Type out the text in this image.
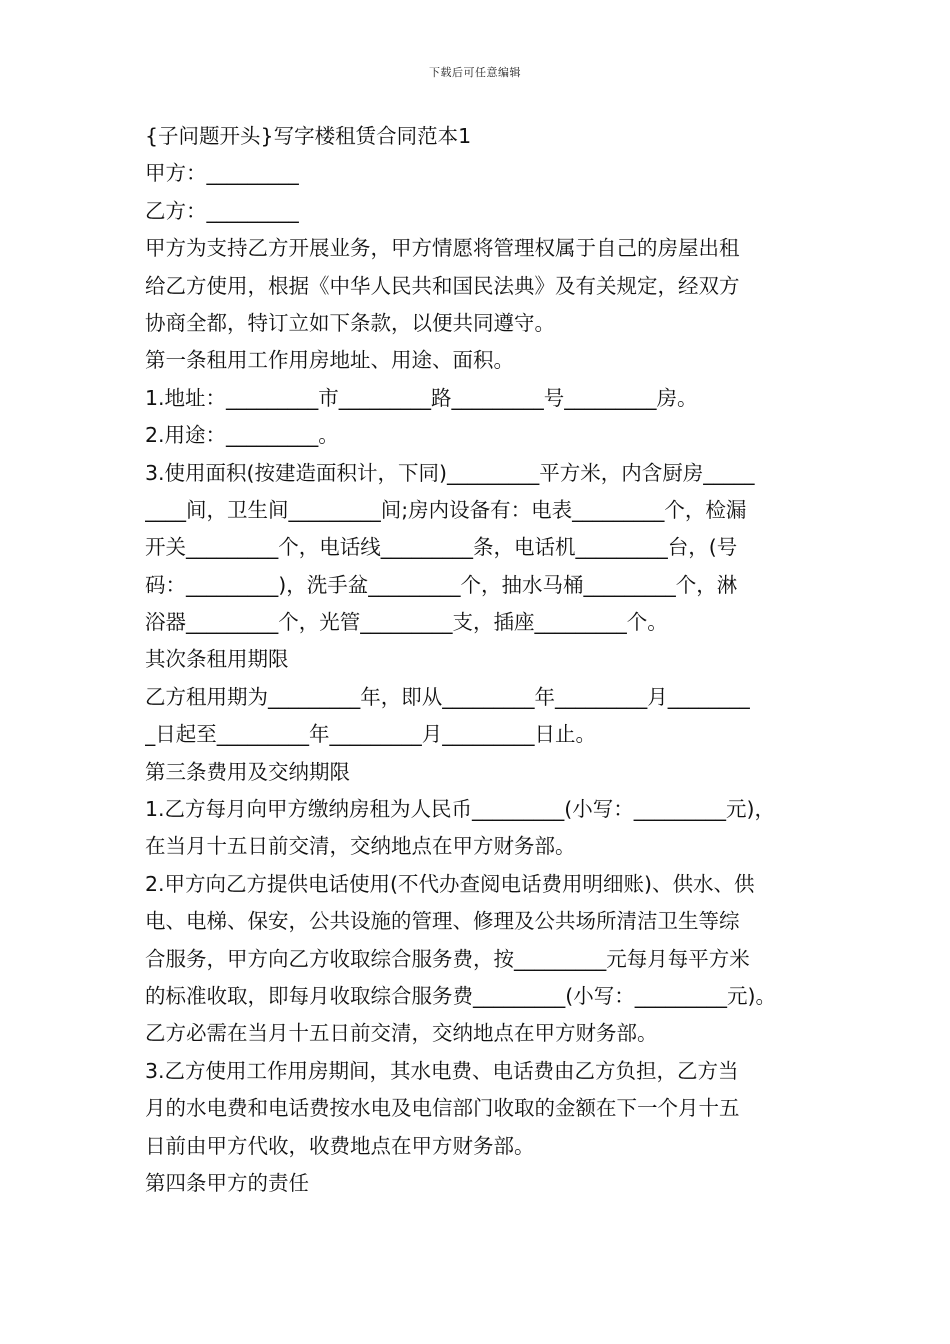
下载后可任意编辑
{子问题开头}写字楼租赁合同范本1
甲方：_________
乙方：_________
甲方为支持乙方开展业务，甲方情愿将管理权属于自己的房屋出租
给乙方使用，根据《中华人民共和国民法典》及有关规定，经双方
协商全都，特订立如下条款，以便共同遵守。
第一条租用工作用房地址、用途、面积。
1.地址：_________市_________路_________号_________房。
2.用途：_________。
3.使用面积(按建造面积计，下同)_________平方米，内含厨房_____
____间，卫生间_________间;房内设备有：电表_________个，检漏
开关_________个，电话线_________条，电话机_________台，(号
码：_________)，洗手盆_________个，抽水马桶_________个，淋
浴器_________个，光管_________支，插座_________个。
其次条租用期限
乙方租用期为_________年，即从_________年_________月________
_日起至_________年_________月_________日止。
第三条费用及交纳期限
1.乙方每月向甲方缴纳房租为人民币_________(小写：_________元)，
在当月十五日前交清，交纳地点在甲方财务部。
2.甲方向乙方提供电话使用(不代办查阅电话费用明细账)、供水、供
电、电梯、保安，公共设施的管理、修理及公共场所清洁卫生等综
合服务，甲方向乙方收取综合服务费，按_________元每月每平方米
的标准收取，即每月收取综合服务费_________(小写：_________元)。
乙方必需在当月十五日前交清，交纳地点在甲方财务部。
3.乙方使用工作用房期间，其水电费、电话费由乙方负担，乙方当
月的水电费和电话费按水电及电信部门收取的金额在下一个月十五
日前由甲方代收，收费地点在甲方财务部。
第四条甲方的责任
